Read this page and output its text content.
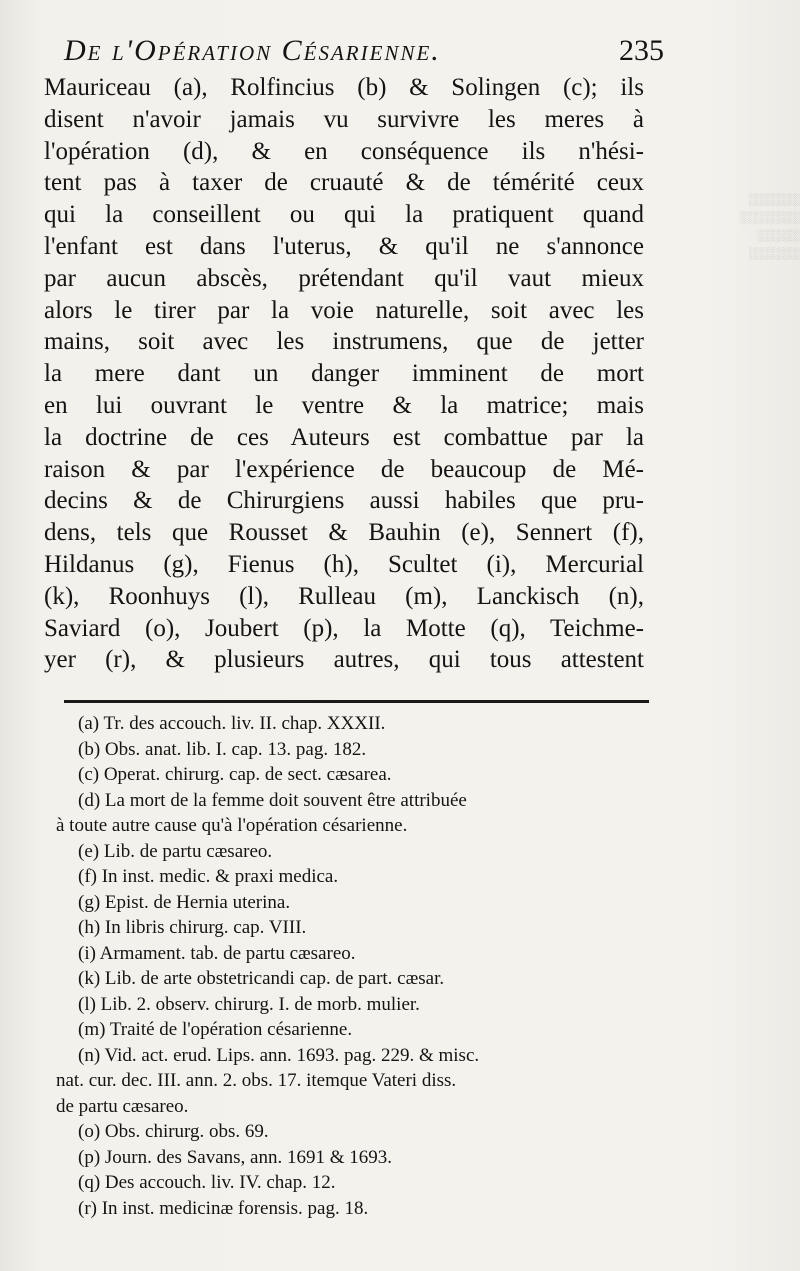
░░░░░░
░░░░░░░
░░░░░
░░░░░░
De l'Opération Césarienne.	235
Mauriceau (a), Rolfincius (b) & Solingen (c); ils
disent n'avoir jamais vu survivre les meres à
l'opération (d), & en conséquence ils n'hési-
tent pas à taxer de cruauté & de témérité ceux
qui la conseillent ou qui la pratiquent quand
l'enfant est dans l'uterus, & qu'il ne s'annonce
par aucun abscès, prétendant qu'il vaut mieux
alors le tirer par la voie naturelle, soit avec les
mains, soit avec les instrumens, que de jetter
la mere dant un danger imminent de mort
en lui ouvrant le ventre & la matrice; mais
la doctrine de ces Auteurs est combattue par la
raison & par l'expérience de beaucoup de Mé-
decins & de Chirurgiens aussi habiles que pru-
dens, tels que Rousset & Bauhin (e), Sennert (f),
Hildanus (g), Fienus (h), Scultet (i), Mercurial
(k), Roonhuys (l), Rulleau (m), Lanckisch (n),
Saviard (o), Joubert (p), la Motte (q), Teichme-
yer (r), & plusieurs autres, qui tous attestent
(a) Tr. des accouch. liv. II. chap. XXXII.
(b) Obs. anat. lib. I. cap. 13. pag. 182.
(c) Operat. chirurg. cap. de sect. cæsarea.
(d) La mort de la femme doit souvent être attribuée
à toute autre cause qu'à l'opération césarienne.
(e) Lib. de partu cæsareo.
(f) In inst. medic. & praxi medica.
(g) Epist. de Hernia uterina.
(h) In libris chirurg. cap. VIII.
(i) Armament. tab. de partu cæsareo.
(k) Lib. de arte obstetricandi cap. de part. cæsar.
(l) Lib. 2. observ. chirurg. I. de morb. mulier.
(m) Traité de l'opération césarienne.
(n) Vid. act. erud. Lips. ann. 1693. pag. 229. & misc.
nat. cur. dec. III. ann. 2. obs. 17. itemque Vateri diss.
de partu cæsareo.
(o) Obs. chirurg. obs. 69.
(p) Journ. des Savans, ann. 1691 & 1693.
(q) Des accouch. liv. IV. chap. 12.
(r) In inst. medicinæ forensis. pag. 18.
